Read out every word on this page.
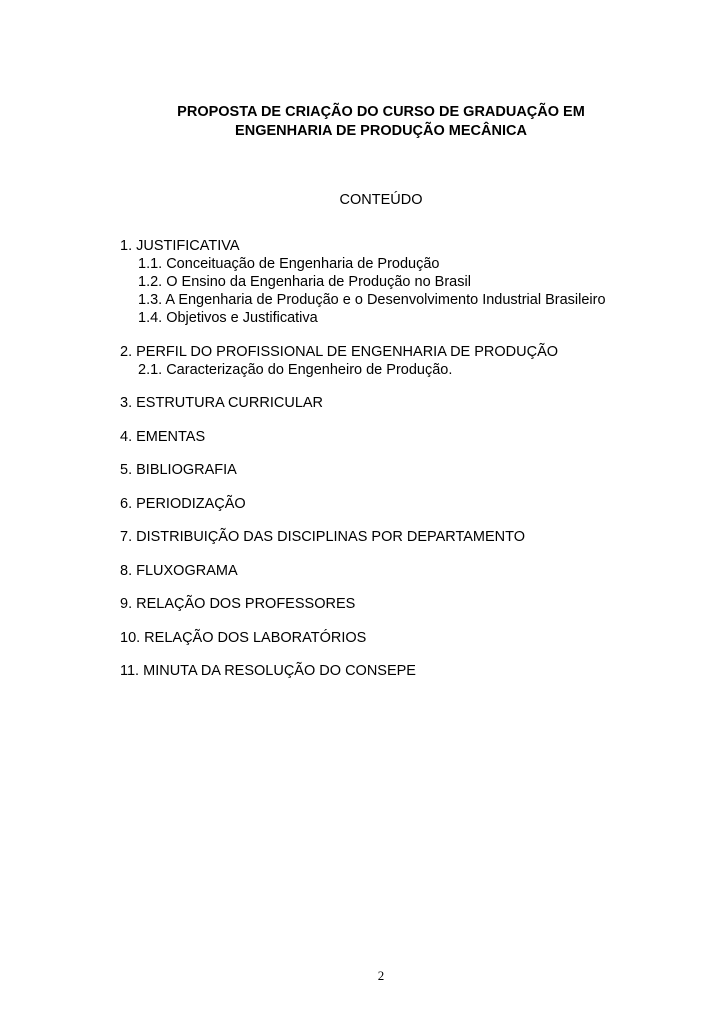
PROPOSTA DE CRIAÇÃO DO CURSO DE GRADUAÇÃO EM
ENGENHARIA DE PRODUÇÃO MECÂNICA
CONTEÚDO
1. JUSTIFICATIVA
1.1. Conceituação de Engenharia de Produção
1.2. O Ensino da Engenharia de Produção no Brasil
1.3. A Engenharia de Produção e o Desenvolvimento Industrial Brasileiro
1.4. Objetivos e Justificativa
2. PERFIL DO PROFISSIONAL DE ENGENHARIA DE PRODUÇÃO
2.1. Caracterização do Engenheiro de Produção.
3. ESTRUTURA CURRICULAR
4. EMENTAS
5. BIBLIOGRAFIA
6. PERIODIZAÇÃO
7. DISTRIBUIÇÃO DAS DISCIPLINAS POR DEPARTAMENTO
8. FLUXOGRAMA
9. RELAÇÃO DOS PROFESSORES
10. RELAÇÃO DOS LABORATÓRIOS
11. MINUTA DA RESOLUÇÃO DO CONSEPE
2
